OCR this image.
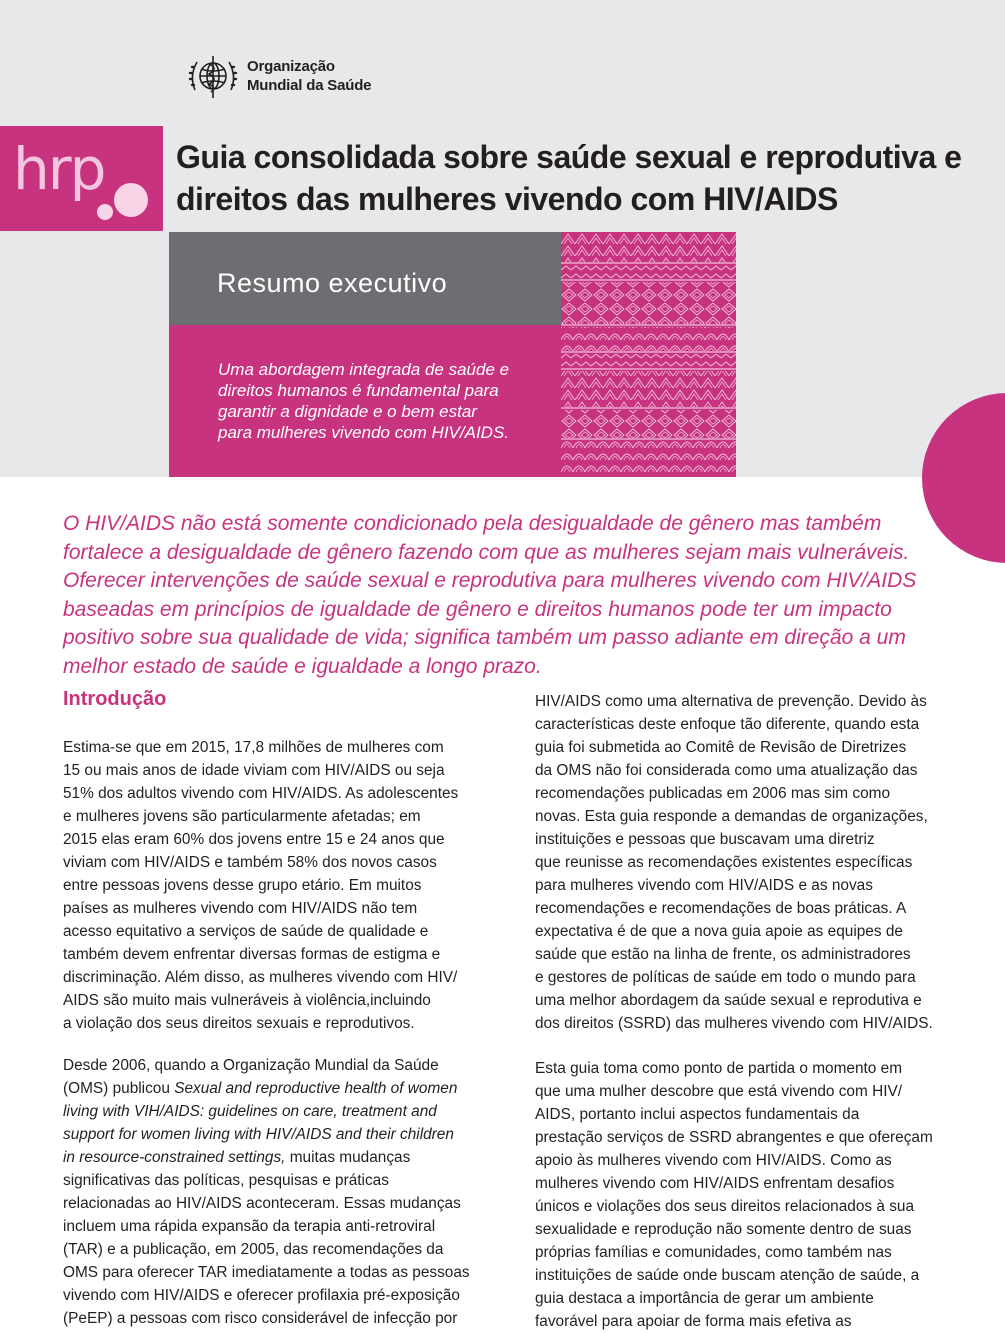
Organização
Mundial da Saúde
hrp Guia consolidada sobre saúde sexual e reprodutiva e
direitos das mulheres vivendo com HIV/AIDS
Resumo executivo
Uma abordagem integrada de saúde e
direitos humanos é fundamental para
garantir a dignidade e o bem estar
para mulheres vivendo com HIV/AIDS.
O HIV/AIDS não está somente condicionado pela desigualdade de gênero mas também
fortalece a desigualdade de gênero fazendo com que as mulheres sejam mais vulneráveis.
Oferecer intervenções de saúde sexual e reprodutiva para mulheres vivendo com HIV/AIDS
baseadas em princípios de igualdade de gênero e direitos humanos pode ter um impacto
positivo sobre sua qualidade de vida; significa também um passo adiante em direção a um
melhor estado de saúde e igualdade a longo prazo.
Introdução
Estima-se que em 2015, 17,8 milhões de mulheres com
15 ou mais anos de idade viviam com HIV/AIDS ou seja
51% dos adultos vivendo com HIV/AIDS. As adolescentes
e mulheres jovens são particularmente afetadas; em
2015 elas eram 60% dos jovens entre 15 e 24 anos que
viviam com HIV/AIDS e também 58% dos novos casos
entre pessoas jovens desse grupo etário. Em muitos
países as mulheres vivendo com HIV/AIDS não tem
acesso equitativo a serviços de saúde de qualidade e
também devem enfrentar diversas formas de estigma e
discriminação. Além disso, as mulheres vivendo com HIV/
AIDS são muito mais vulneráveis à violência,incluindo
a violação dos seus direitos sexuais e reprodutivos.
Desde 2006, quando a Organização Mundial da Saúde
(OMS) publicou Sexual and reproductive health of women
living with VIH/AIDS: guidelines on care, treatment and
support for women living with HIV/AIDS and their children
in resource-constrained settings, muitas mudanças
significativas das políticas, pesquisas e práticas
relacionadas ao HIV/AIDS aconteceram. Essas mudanças
incluem uma rápida expansão da terapia anti-retroviral
(TAR) e a publicação, em 2005, das recomendações da
OMS para oferecer TAR imediatamente a todas as pessoas
vivendo com HIV/AIDS e oferecer profilaxia pré-exposição
(PeEP) a pessoas com risco considerável de infecção por
HIV/AIDS como uma alternativa de prevenção. Devido às
características deste enfoque tão diferente, quando esta
guia foi submetida ao Comitê de Revisão de Diretrizes
da OMS não foi considerada como uma atualização das
recomendações publicadas em 2006 mas sim como
novas. Esta guia responde a demandas de organizações,
instituições e pessoas que buscavam uma diretriz
que reunisse as recomendações existentes específicas
para mulheres vivendo com HIV/AIDS e as novas
recomendações e recomendações de boas práticas. A
expectativa é de que a nova guia apoie as equipes de
saúde que estão na linha de frente, os administradores
e gestores de políticas de saúde em todo o mundo para
uma melhor abordagem da saúde sexual e reprodutiva e
dos direitos (SSRD) das mulheres vivendo com HIV/AIDS.
Esta guia toma como ponto de partida o momento em
que uma mulher descobre que está vivendo com HIV/
AIDS, portanto inclui aspectos fundamentais da
prestação serviços de SSRD abrangentes e que ofereçam
apoio às mulheres vivendo com HIV/AIDS. Como as
mulheres vivendo com HIV/AIDS enfrentam desafios
únicos e violações dos seus direitos relacionados à sua
sexualidade e reprodução não somente dentro de suas
próprias famílias e comunidades, como também nas
instituições de saúde onde buscam atenção de saúde, a
guia destaca a importância de gerar um ambiente
favorável para apoiar de forma mais efetiva as
